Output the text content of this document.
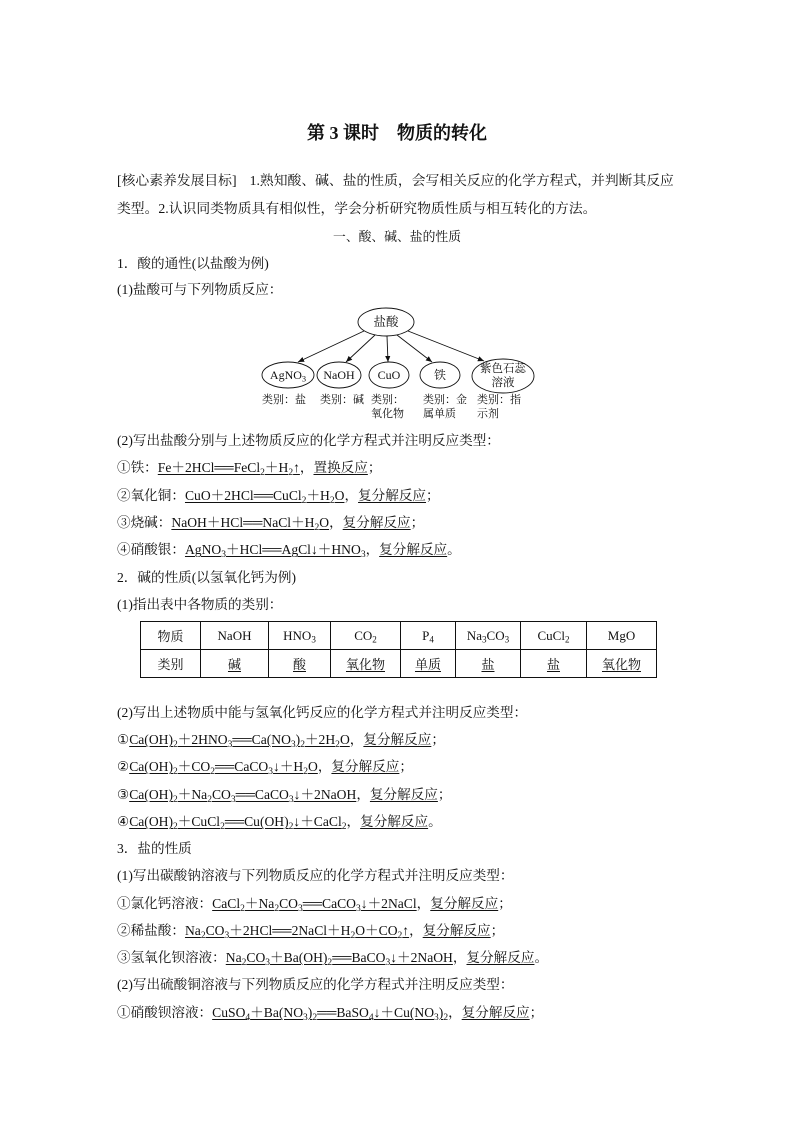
第 3 课时　物质的转化
[核心素养发展目标] 1.熟知酸、碱、盐的性质，会写相关反应的化学方程式，并判断其反应
类型。2.认识同类物质具有相似性，学会分析研究物质性质与相互转化的方法。
一、酸、碱、盐的性质
1．酸的通性(以盐酸为例)
(1)盐酸可与下列物质反应：
盐酸
AgNO$_3$	NaOH	CuO	铁	紫色石蕊
溶液
类别：盐 类别：碱 类别：
氧化物
类别：金
属单质
类别：指
示剂
(2)写出盐酸分别与上述物质反应的化学方程式并注明反应类型：
①铁：$Fe+2HCl══FeCl_2+H_2↑$，置换反应；
②氧化铜：$CuO+2HCl══CuCl_2+H_2O$，复分解反应；
③烧碱：$NaOH+HCl══NaCl+H_2O$，复分解反应；
④硝酸银：$AgNO_3+HCl══AgCl↓+HNO_3$，复分解反应。
2．碱的性质(以氢氧化钙为例)
(1)指出表中各物质的类别：
物质	NaOH	$HNO_3$	$CO_2$	$P_4$	$Na_3CO_3$	CuCl$_2$	MgO
类别	碱	酸	氧化物	单质	盐	盐	氧化物
(2)写出上述物质中能与氢氧化钙反应的化学方程式并注明反应类型：
$①Ca(OH)_2+2HNO_3══Ca(NO_3)_2+2H_2O$，复分解反应；
$②Ca(OH)_2+CO_2══CaCO_3↓+H_2O$，复分解反应；
$③Ca(OH)_2+Na_2CO_3══CaCO_3↓+2NaOH$，复分解反应；
$④Ca(OH)_2+CuCl_2══Cu(OH)_2↓+CaCl_2$，复分解反应。
3．盐的性质
(1)写出碳酸钠溶液与下列物质反应的化学方程式并注明反应类型：
①氯化钙溶液：$CaCl_2+Na_2CO_3══CaCO_3↓+2NaCl$，复分解反应；
②稀盐酸：$Na_2CO_3+2HCl══2NaCl+H_2O+CO_2↑$，复分解反应；
③氢氧化钡溶液：$Na_2CO_3+Ba(OH)_2══BaCO_3↓+2NaOH$，复分解反应。
(2)写出硫酸铜溶液与下列物质反应的化学方程式并注明反应类型：
①硝酸钡溶液：$CuSO_4+Ba(NO_3)_2══BaSO_4↓+Cu(NO_3)_2$，复分解反应；
